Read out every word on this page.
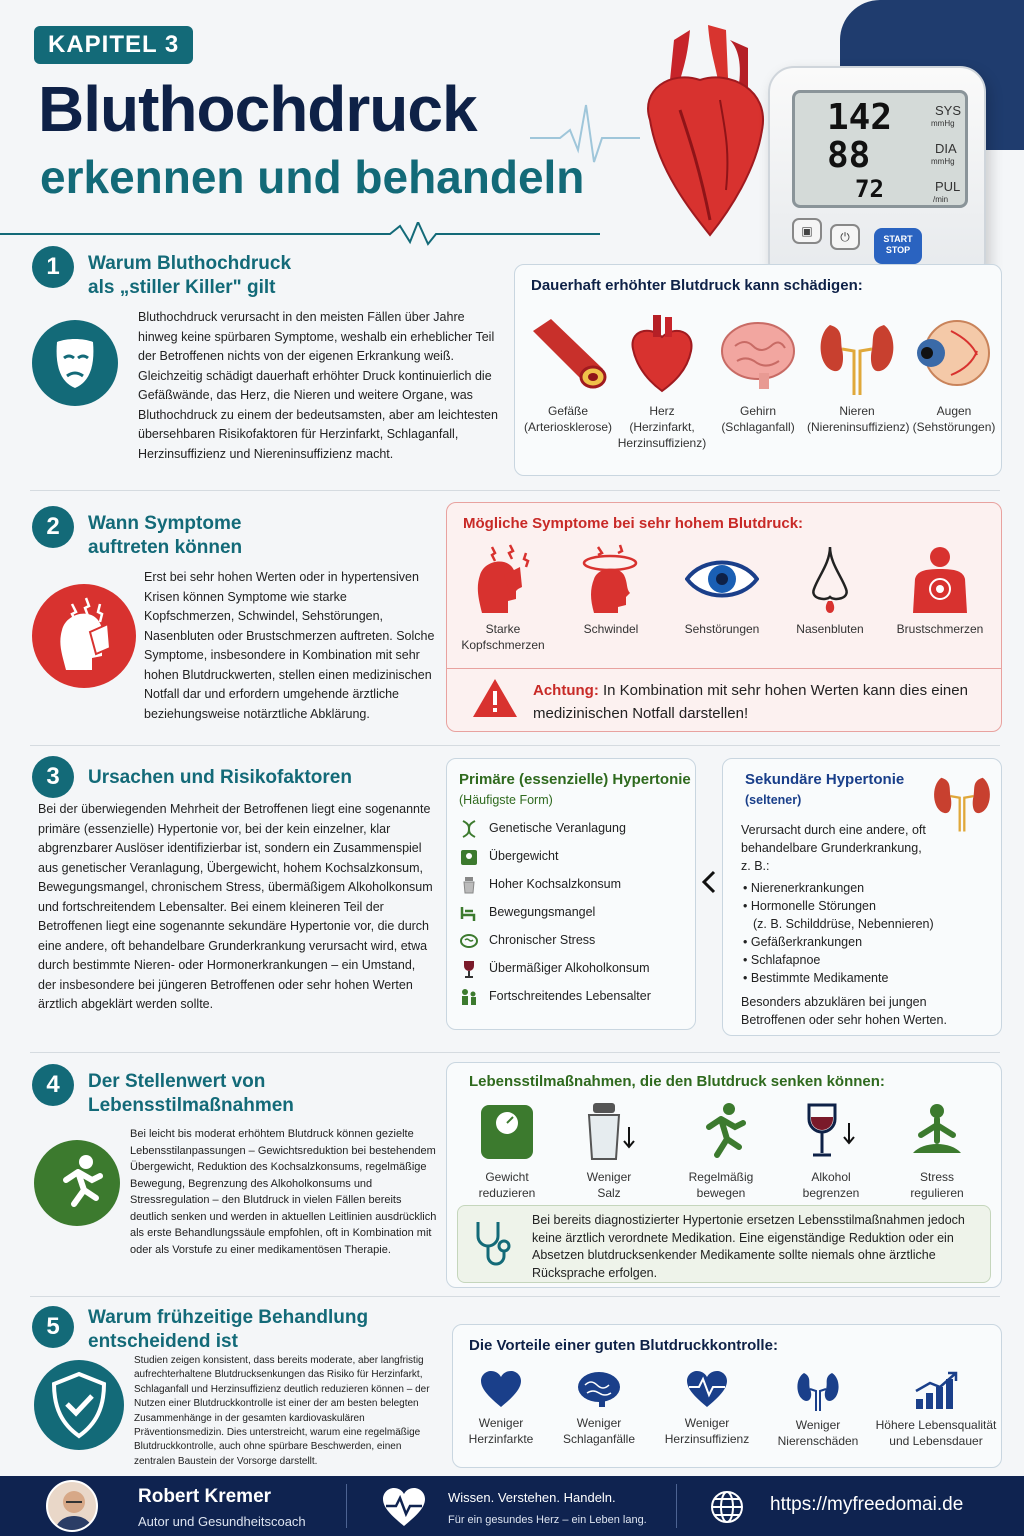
KAPITEL 3
Bluthochdruck
erkennen und behandeln
142
88
72
SYS
mmHg
DIA
mmHg
PUL
/min
▣	⏻	START STOP
1	Warum Bluthochdruck
als „stiller Killer" gilt
Bluthochdruck verursacht in den meisten Fällen über Jahre hinweg keine spürbaren Symptome, weshalb ein erheblicher Teil der Betroffenen nichts von der eigenen Erkrankung weiß. Gleichzeitig schädigt dauerhaft erhöhter Druck kontinuierlich die Gefäßwände, das Herz, die Nieren und weitere Organe, was Bluthochdruck zu einem der bedeutsamsten, aber am leichtesten übersehbaren Risikofaktoren für Herzinfarkt, Schlaganfall, Herzinsuffizienz und Niereninsuffizienz macht.
Dauerhaft erhöhter Blutdruck kann schädigen:
Gefäße
(Arteriosklerose)
Herz
(Herzinfarkt, Herzinsuffizienz)
Gehirn
(Schlaganfall)
Nieren
(Niereninsuffizienz)
Augen
(Sehstörungen)
2	Wann Symptome
auftreten können
Erst bei sehr hohen Werten oder in hypertensiven Krisen können Symptome wie starke Kopfschmerzen, Schwindel, Sehstörungen, Nasenbluten oder Brustschmerzen auftreten. Solche Symptome, insbesondere in Kombination mit sehr hohen Blutdruckwerten, stellen einen medizinischen Notfall dar und erfordern umgehende ärztliche beziehungsweise notärztliche Abklärung.
Mögliche Symptome bei sehr hohem Blutdruck:
Starke Kopfschmerzen
Schwindel	Sehstörungen	Nasenbluten	Brustschmerzen
Achtung: In Kombination mit sehr hohen Werten kann dies einen medizinischen Notfall darstellen!
3	Ursachen und Risikofaktoren
Bei der überwiegenden Mehrheit der Betroffenen liegt eine sogenannte primäre (essenzielle) Hypertonie vor, bei der kein einzelner, klar abgrenzbarer Auslöser identifizierbar ist, sondern ein Zusammenspiel aus genetischer Veranlagung, Übergewicht, hohem Kochsalzkonsum, Bewegungsmangel, chronischem Stress, übermäßigem Alkoholkonsum und fortschreitendem Lebensalter. Bei einem kleineren Teil der Betroffenen liegt eine sogenannte sekundäre Hypertonie vor, die durch eine andere, oft behandelbare Grunderkrankung verursacht wird, etwa durch bestimmte Nieren- oder Hormonerkrankungen – ein Umstand, der insbesondere bei jüngeren Betroffenen oder sehr hohen Werten ärztlich abgeklärt werden sollte.
Primäre (essenzielle) Hypertonie
(Häufigste Form)
Genetische Veranlagung
Übergewicht
Hoher Kochsalzkonsum
Bewegungsmangel
Chronischer Stress
Übermäßiger Alkoholkonsum
Fortschreitendes Lebensalter
Sekundäre Hypertonie
(seltener)
Verursacht durch eine andere, oft behandelbare Grunderkrankung, z. B.:
• Nierenerkrankungen
• Hormonelle Störungen
(z. B. Schilddrüse, Nebennieren)
• Gefäßerkrankungen
• Schlafapnoe
• Bestimmte Medikamente
Besonders abzuklären bei jungen Betroffenen oder sehr hohen Werten.
4	Der Stellenwert von
Lebensstilmaßnahmen
Bei leicht bis moderat erhöhtem Blutdruck können gezielte Lebensstilanpassungen – Gewichtsreduktion bei bestehendem Übergewicht, Reduktion des Kochsalzkonsums, regelmäßige Bewegung, Begrenzung des Alkoholkonsums und Stressregulation – den Blutdruck in vielen Fällen bereits deutlich senken und werden in aktuellen Leitlinien ausdrücklich als erste Behandlungssäule empfohlen, oft in Kombination mit oder als Vorstufe zu einer medikamentösen Therapie.
Lebensstilmaßnahmen, die den Blutdruck senken können:
Gewicht
reduzieren
Weniger
Salz
Regelmäßig
bewegen
Alkohol
begrenzen
Stress
regulieren
Bei bereits diagnostizierter Hypertonie ersetzen Lebensstilmaßnahmen jedoch keine ärztlich verordnete Medikation. Eine eigenständige Reduktion oder ein Absetzen blutdrucksenkender Medikamente sollte niemals ohne ärztliche Rücksprache erfolgen.
5	Warum frühzeitige Behandlung
entscheidend ist
Studien zeigen konsistent, dass bereits moderate, aber langfristig aufrechterhaltene Blutdrucksenkungen das Risiko für Herzinfarkt, Schlaganfall und Herzinsuffizienz deutlich reduzieren können – der Nutzen einer Blutdruckkontrolle ist einer der am besten belegten Zusammenhänge in der gesamten kardiovaskulären Präventionsmedizin. Dies unterstreicht, warum eine regelmäßige Blutdruckkontrolle, auch ohne spürbare Beschwerden, einen zentralen Baustein der Vorsorge darstellt.
Die Vorteile einer guten Blutdruckkontrolle:
Weniger
Herzinfarkte
Weniger
Schlaganfälle
Weniger
Herzinsuffizienz
Weniger
Nierenschäden
Höhere Lebensqualität
und Lebensdauer
Robert Kremer
Autor und Gesundheitscoach
Wissen. Verstehen. Handeln.
Für ein gesundes Herz – ein Leben lang.
https://myfreedomai.de
